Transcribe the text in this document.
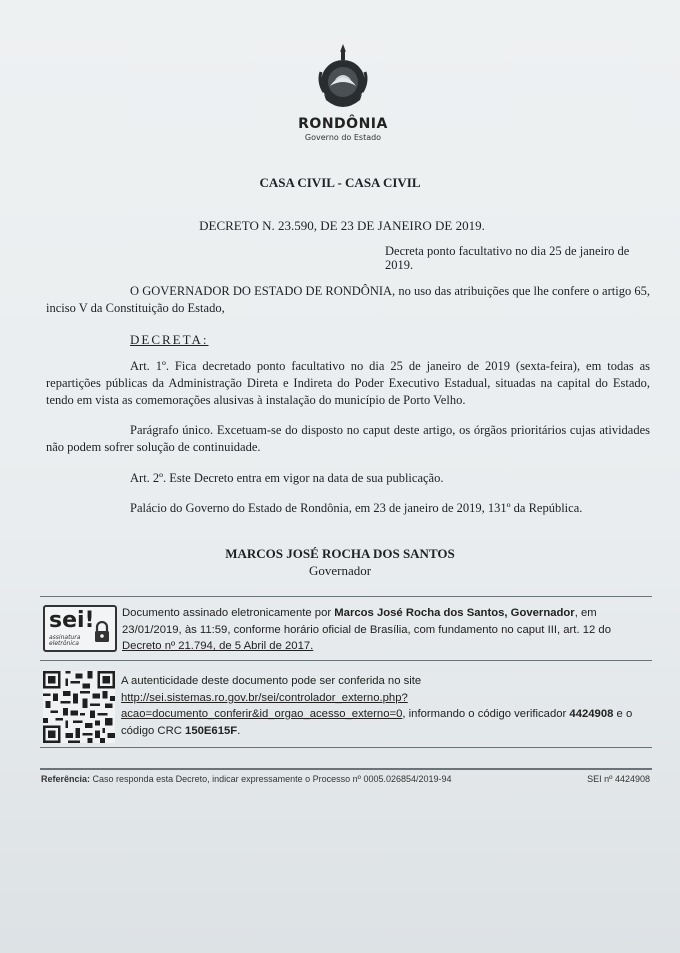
RONDÔNIA
Governo do Estado
CASA CIVIL - CASA CIVIL
DECRETO N. 23.590, DE 23 DE JANEIRO DE 2019.
Decreta ponto facultativo no dia 25 de janeiro de 2019.
O GOVERNADOR DO ESTADO DE RONDÔNIA, no uso das atribuições que lhe confere o artigo 65, inciso V da Constituição do Estado,
DECRETA:
Art. 1º. Fica decretado ponto facultativo no dia 25 de janeiro de 2019 (sexta-feira), em todas as repartições públicas da Administração Direta e Indireta do Poder Executivo Estadual, situadas na capital do Estado, tendo em vista as comemorações alusivas à instalação do município de Porto Velho.
Parágrafo único. Excetuam-se do disposto no caput deste artigo, os órgãos prioritários cujas atividades não podem sofrer solução de continuidade.
Art. 2º. Este Decreto entra em vigor na data de sua publicação.
Palácio do Governo do Estado de Rondônia, em 23 de janeiro de 2019, 131º da República.
MARCOS JOSÉ ROCHA DOS SANTOS
Governador
sei!
assinatura eletrônica
Documento assinado eletronicamente por Marcos José Rocha dos Santos, Governador, em 23/01/2019, às 11:59, conforme horário oficial de Brasília, com fundamento no caput III, art. 12 do Decreto nº 21.794, de 5 Abril de 2017.
A autenticidade deste documento pode ser conferida no site http://sei.sistemas.ro.gov.br/sei/controlador_externo.php?acao=documento_conferir&id_orgao_acesso_externo=0, informando o código verificador 4424908 e o código CRC 150E615F.
Referência: Caso responda esta Decreto, indicar expressamente o Processo nº 0005.026854/2019-94	SEI nº 4424908
